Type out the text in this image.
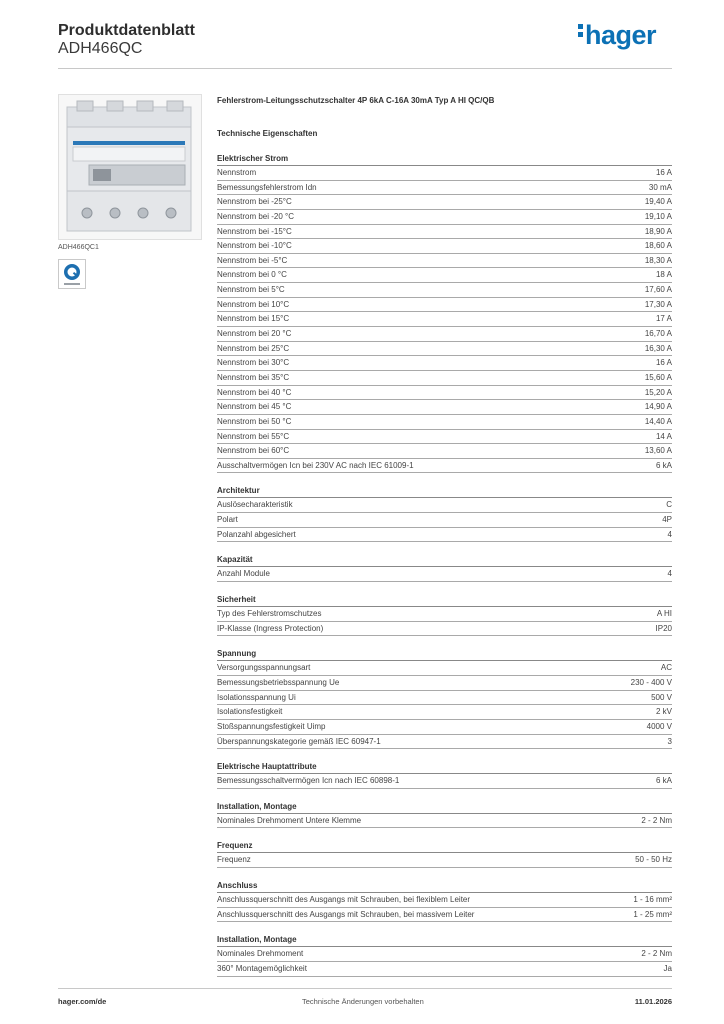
Produktdatenblatt
ADH466QC	hager
ADH466QC1
Fehlerstrom-Leitungsschutzschalter 4P 6kA C-16A 30mA Typ A HI QC/QB
Technische Eigenschaften
Elektrischer Strom
Nennstrom	16 A
Bemessungsfehlerstrom Idn	30 mA
Nennstrom bei -25°C	19,40 A
Nennstrom bei -20 °C	19,10 A
Nennstrom bei -15°C	18,90 A
Nennstrom bei -10°C	18,60 A
Nennstrom bei -5°C	18,30 A
Nennstrom bei 0 °C	18 A
Nennstrom bei 5°C	17,60 A
Nennstrom bei 10°C	17,30 A
Nennstrom bei 15°C	17 A
Nennstrom bei 20 °C	16,70 A
Nennstrom bei 25°C	16,30 A
Nennstrom bei 30°C	16 A
Nennstrom bei 35°C	15,60 A
Nennstrom bei 40 °C	15,20 A
Nennstrom bei 45 °C	14,90 A
Nennstrom bei 50 °C	14,40 A
Nennstrom bei 55°C	14 A
Nennstrom bei 60°C	13,60 A
Ausschaltvermögen Icn bei 230V AC nach IEC 61009-1	6 kA
Architektur
Auslösecharakteristik	C
Polart	4P
Polanzahl abgesichert	4
Kapazität
Anzahl Module	4
Sicherheit
Typ des Fehlerstromschutzes	A HI
IP-Klasse (Ingress Protection)	IP20
Spannung
Versorgungsspannungsart	AC
Bemessungsbetriebsspannung Ue	230 - 400 V
Isolationsspannung Ui	500 V
Isolationsfestigkeit	2 kV
Stoßspannungsfestigkeit Uimp	4000 V
Überspannungskategorie gemäß IEC 60947-1	3
Elektrische Hauptattribute
Bemessungsschaltvermögen Icn nach IEC 60898-1	6 kA
Installation, Montage
Nominales Drehmoment Untere Klemme	2 - 2 Nm
Frequenz
Frequenz	50 - 50 Hz
Anschluss
Anschlussquerschnitt des Ausgangs mit Schrauben, bei flexiblem Leiter	1 - 16 mm²
Anschlussquerschnitt des Ausgangs mit Schrauben, bei massivem Leiter	1 - 25 mm²
Installation, Montage
Nominales Drehmoment	2 - 2 Nm
360° Montagemöglichkeit	Ja
hager.com/de	Technische Änderungen vorbehalten	11.01.2026
